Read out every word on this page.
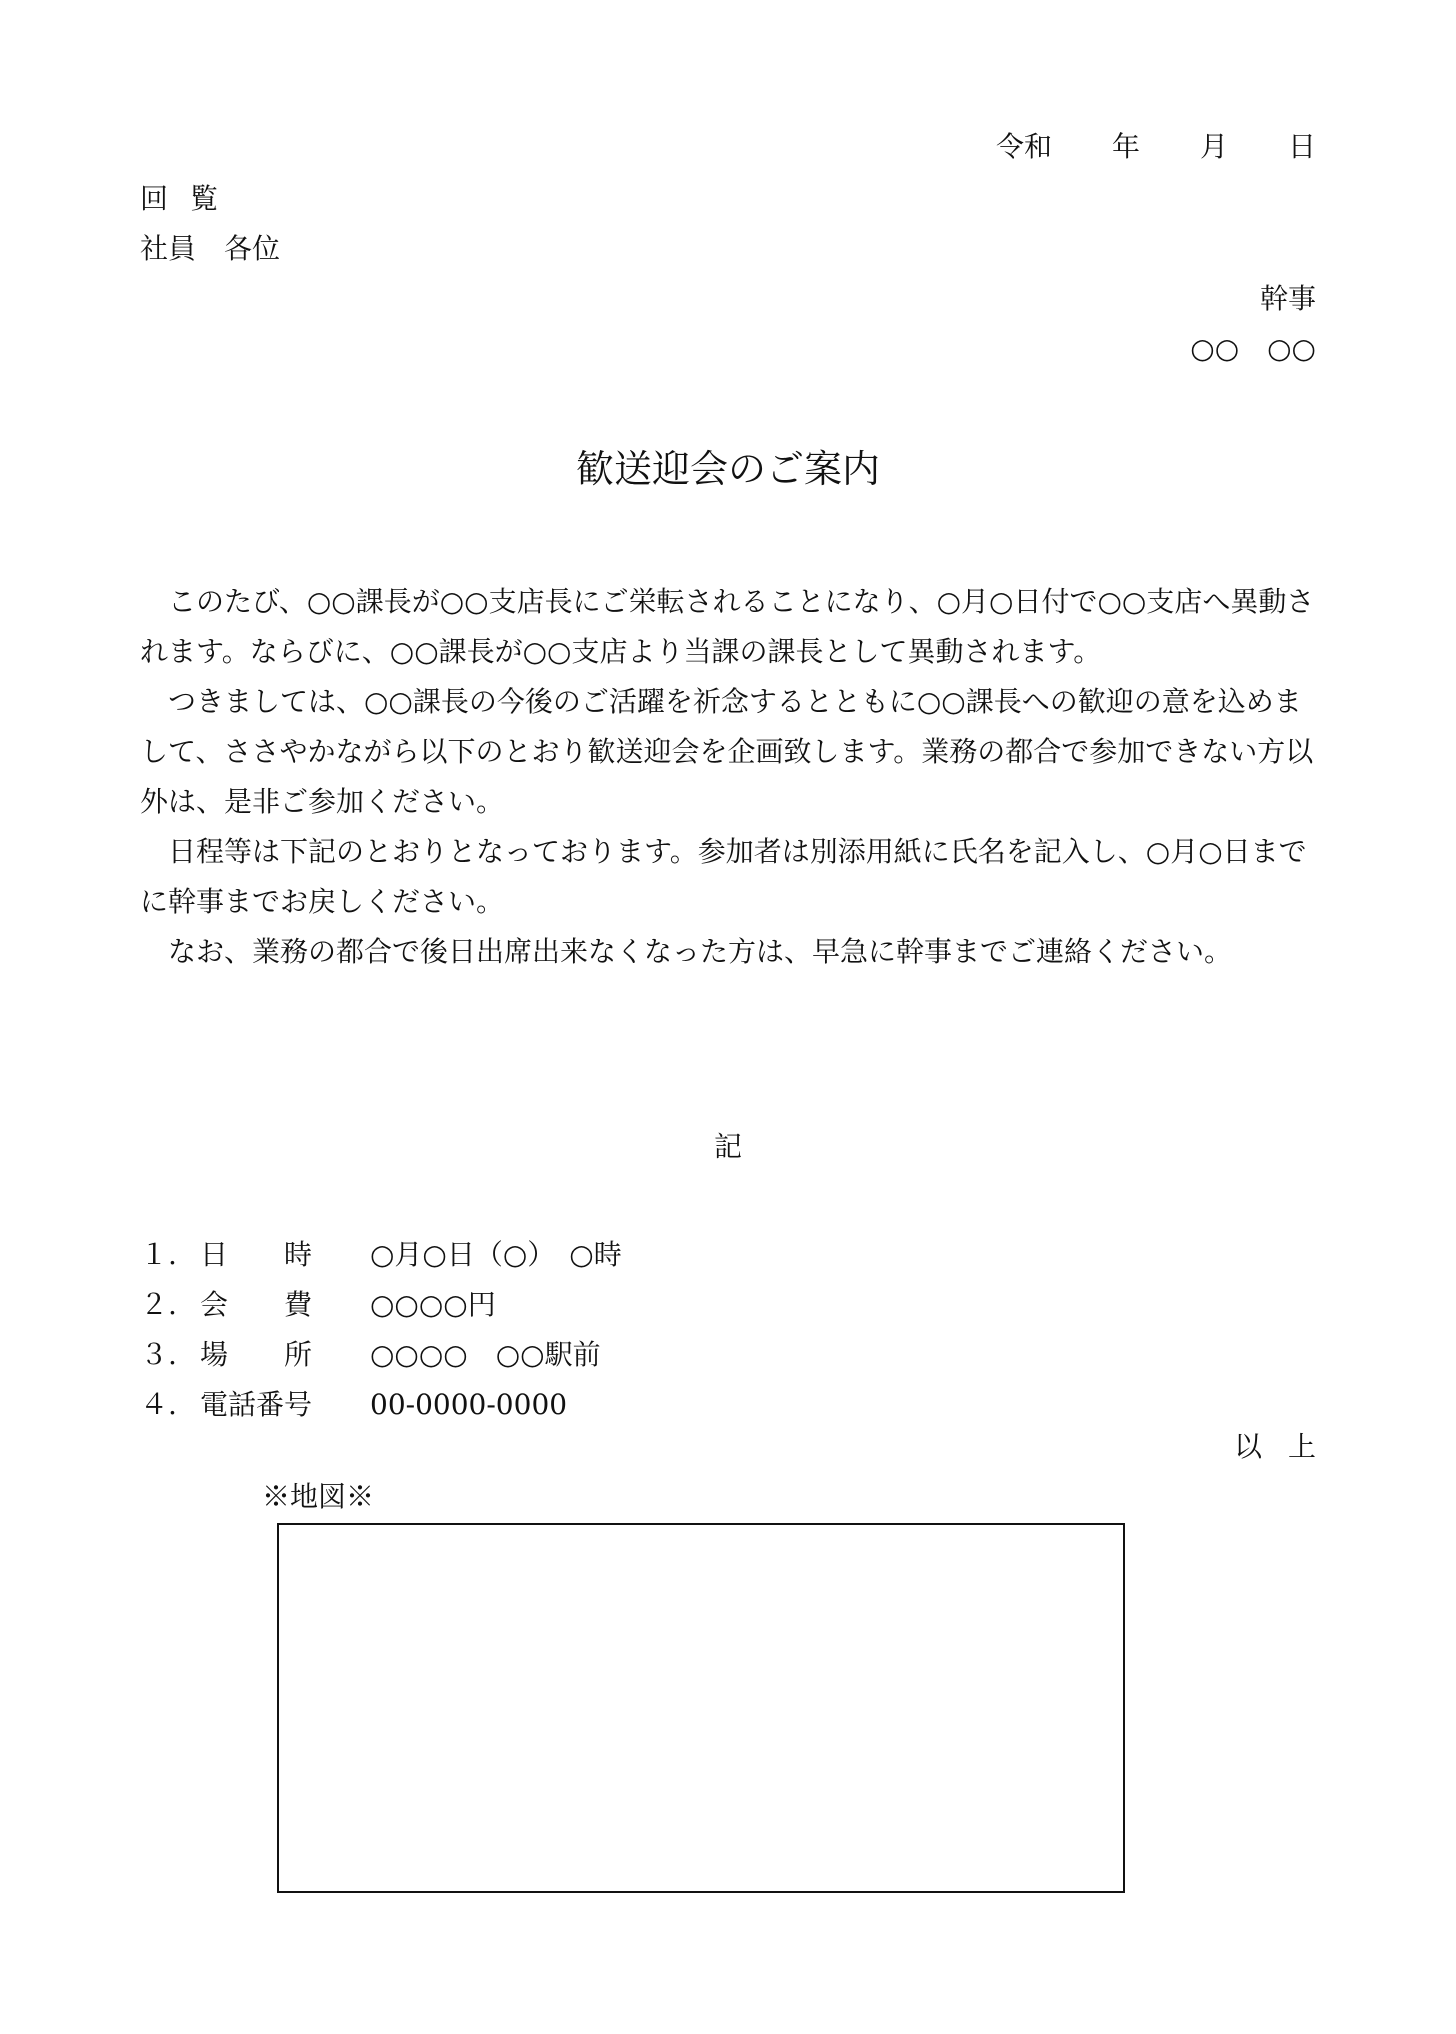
令和 年 月 日
回覧
社員　各位
幹事
○○　○○
歓送迎会のご案内

このたび、○○課長が○○支店長にご栄転されることになり、○月○日付で○○支店へ異動されます。ならびに、○○課長が○○支店より当課の課長として異動されます。

つきましては、○○課長の今後のご活躍を祈念するとともに○○課長への歓迎の意を込めまして、ささやかながら以下のとおり歓送迎会を企画致します。業務の都合で参加できない方以外は、是非ご参加ください。

日程等は下記のとおりとなっております。参加者は別添用紙に氏名を記入し、○月○日までに幹事までお戻しください。

なお、業務の都合で後日出席出来なくなった方は、早急に幹事までご連絡ください。

記
１. 日　　時	○月○日（○）　○時
２. 会　　費	○○○○円
３. 場　　所	○○○○　○○駅前
４. 電話番号	00-0000-0000
以上
※地図※
